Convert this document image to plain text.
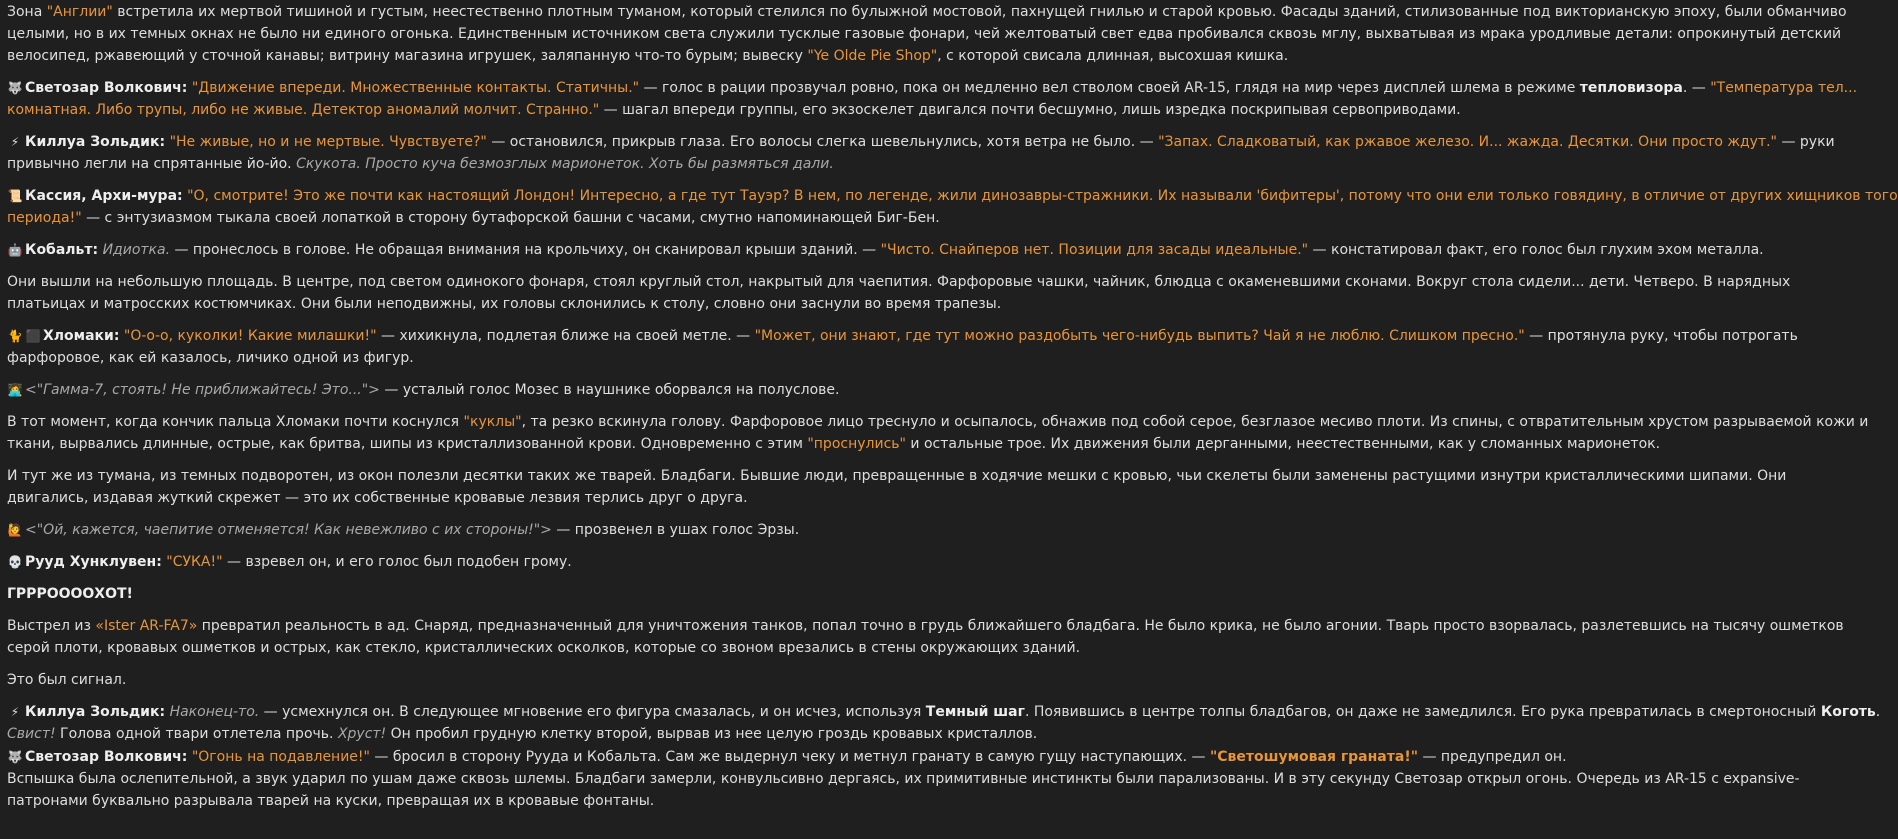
Зона "Англии" встретила их мертвой тишиной и густым, неестественно плотным туманом, который стелился по булыжной мостовой, пахнущей гнилью и старой кровью. Фасады зданий, стилизованные под викторианскую эпоху, были обманчиво
целыми, но в их темных окнах не было ни единого огонька. Единственным источником света служили тусклые газовые фонари, чей желтоватый свет едва пробивался сквозь мглу, выхватывая из мрака уродливые детали: опрокинутый детский
велосипед, ржавеющий у сточной канавы; витрину магазина игрушек, заляпанную что-то бурым; вывеску "Ye Olde Pie Shop", с которой свисала длинная, высохшая кишка.
🐺 Светозар Волкович: "Движение впереди. Множественные контакты. Статичны." — голос в рации прозвучал ровно, пока он медленно вел стволом своей AR-15, глядя на мир через дисплей шлема в режиме тепловизора. — "Температура тел...
комнатная. Либо трупы, либо не живые. Детектор аномалий молчит. Странно." — шагал впереди группы, его экзоскелет двигался почти бесшумно, лишь изредка поскрипывая сервоприводами.
⚡ Киллуа Зольдик: "Не живые, но и не мертвые. Чувствуете?" — остановился, прикрыв глаза. Его волосы слегка шевельнулись, хотя ветра не было. — "Запах. Сладковатый, как ржавое железо. И... жажда. Десятки. Они просто ждут." — руки
привычно легли на спрятанные йо-йо. Скукота. Просто куча безмозглых марионеток. Хоть бы размяться дали.
📜 Кассия, Архи-мура: "О, смотрите! Это же почти как настоящий Лондон! Интересно, а где тут Тауэр? В нем, по легенде, жили динозавры-стражники. Их называли 'бифитеры', потому что они ели только говядину, в отличие от других хищников того
периода!" — с энтузиазмом тыкала своей лопаткой в сторону бутафорской башни с часами, смутно напоминающей Биг-Бен.
🤖 Кобальт: Идиотка. — пронеслось в голове. Не обращая внимания на крольчиху, он сканировал крыши зданий. — "Чисто. Снайперов нет. Позиции для засады идеальные." — констатировал факт, его голос был глухим эхом металла.
Они вышли на небольшую площадь. В центре, под светом одинокого фонаря, стоял круглый стол, накрытый для чаепития. Фарфоровые чашки, чайник, блюдца с окаменевшими сконами. Вокруг стола сидели... дети. Четверо. В нарядных
платьицах и матросских костюмчиках. Они были неподвижны, их головы склонились к столу, словно они заснули во время трапезы.
🐈 ⬛ Хломаки: "О-о-о, куколки! Какие милашки!" — хихикнула, подлетая ближе на своей метле. — "Может, они знают, где тут можно раздобыть чего-нибудь выпить? Чай я не люблю. Слишком пресно." — протянула руку, чтобы потрогать
фарфоровое, как ей казалось, личико одной из фигур.
👩‍💻 <"Гамма-7, стоять! Не приближайтесь! Это..."> — усталый голос Мозес в наушнике оборвался на полуслове.
В тот момент, когда кончик пальца Хломаки почти коснулся "куклы", та резко вскинула голову. Фарфоровое лицо треснуло и осыпалось, обнажив под собой серое, безглазое месиво плоти. Из спины, с отвратительным хрустом разрываемой кожи и
ткани, вырвались длинные, острые, как бритва, шипы из кристаллизованной крови. Одновременно с этим "проснулись" и остальные трое. Их движения были дерганными, неестественными, как у сломанных марионеток.
И тут же из тумана, из темных подворотен, из окон полезли десятки таких же тварей. Бладбаги. Бывшие люди, превращенные в ходячие мешки с кровью, чьи скелеты были заменены растущими изнутри кристаллическими шипами. Они
двигались, издавая жуткий скрежет — это их собственные кровавые лезвия терлись друг о друга.
🙋 <"Ой, кажется, чаепитие отменяется! Как невежливо с их стороны!"> — прозвенел в ушах голос Эрзы.
💀 Рууд Хунклувен: "СУКА!" — взревел он, и его голос был подобен грому.
ГРРРООООХОТ!
Выстрел из «Ister AR-FA7» превратил реальность в ад. Снаряд, предназначенный для уничтожения танков, попал точно в грудь ближайшего бладбага. Не было крика, не было агонии. Тварь просто взорвалась, разлетевшись на тысячу ошметков
серой плоти, кровавых ошметков и острых, как стекло, кристаллических осколков, которые со звоном врезались в стены окружающих зданий.
Это был сигнал.
⚡ Киллуа Зольдик: Наконец-то. — усмехнулся он. В следующее мгновение его фигура смазалась, и он исчез, используя Темный шаг. Появившись в центре толпы бладбагов, он даже не замедлился. Его рука превратилась в смертоносный Коготь.
Свист! Голова одной твари отлетела прочь. Хруст! Он пробил грудную клетку второй, вырвав из нее целую гроздь кровавых кристаллов.
🐺 Светозар Волкович: "Огонь на подавление!" — бросил в сторону Рууда и Кобальта. Сам же выдернул чеку и метнул гранату в самую гущу наступающих. — "Светошумовая граната!" — предупредил он.
Вспышка была ослепительной, а звук ударил по ушам даже сквозь шлемы. Бладбаги замерли, конвульсивно дергаясь, их примитивные инстинкты были парализованы. И в эту секунду Светозар открыл огонь. Очередь из AR-15 с expansive-
патронами буквально разрывала тварей на куски, превращая их в кровавые фонтаны.
